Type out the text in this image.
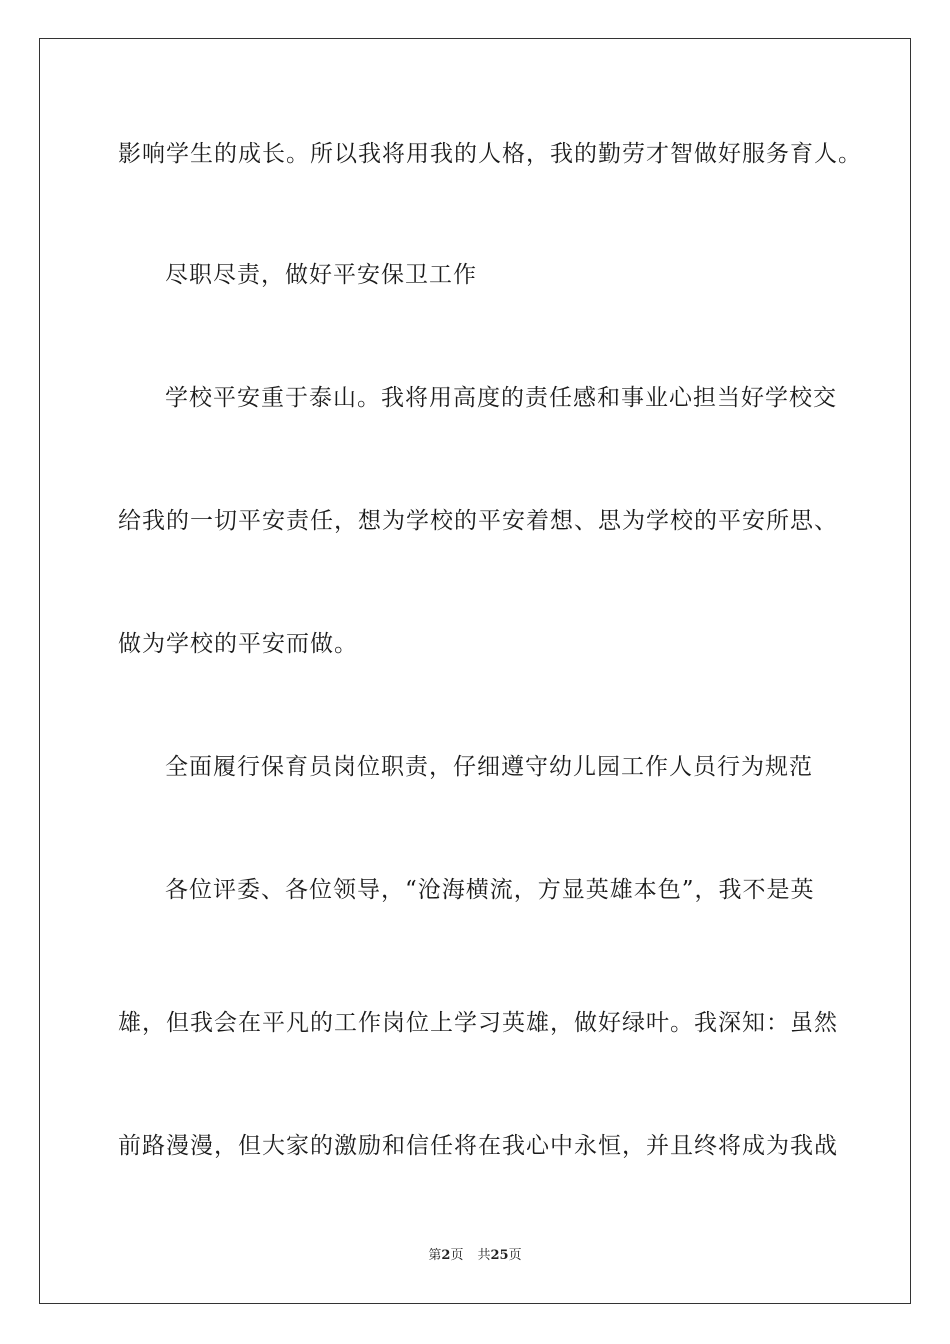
影响学生的成长。所以我将用我的人格，我的勤劳才智做好服务育人。
尽职尽责，做好平安保卫工作
学校平安重于泰山。我将用高度的责任感和事业心担当好学校交
给我的一切平安责任，想为学校的平安着想、思为学校的平安所思、
做为学校的平安而做。
全面履行保育员岗位职责，仔细遵守幼儿园工作人员行为规范
各位评委、各位领导，“沧海横流，方显英雄本色”，我不是英
雄，但我会在平凡的工作岗位上学习英雄，做好绿叶。我深知：虽然
前路漫漫，但大家的激励和信任将在我心中永恒，并且终将成为我战
第2页 共25页
